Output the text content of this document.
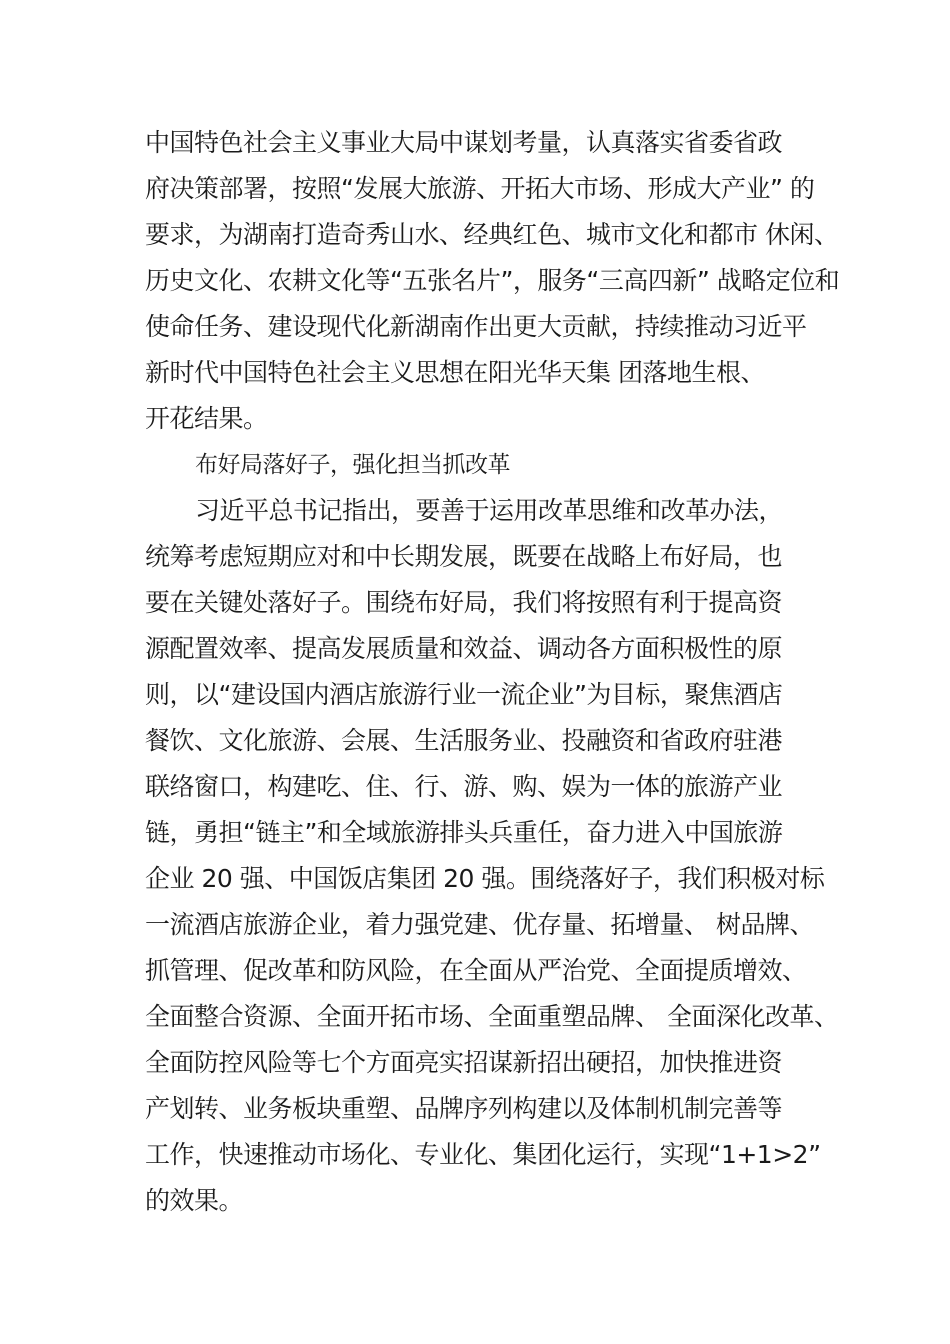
中国特色社会主义事业大局中谋划考量，认真落实省委省政
府决策部署，按照“发展大旅游、开拓大市场、形成大产业” 的
要求，为湖南打造奇秀山水、经典红色、城市文化和都市 休闲、
历史文化、农耕文化等“五张名片”，服务“三高四新” 战略定位和
使命任务、建设现代化新湖南作出更大贡献，持续推动习近平
新时代中国特色社会主义思想在阳光华天集 团落地生根、
开花结果。
布好局落好子，强化担当抓改革
习近平总书记指出，要善于运用改革思维和改革办法，
统筹考虑短期应对和中长期发展，既要在战略上布好局，也
要在关键处落好子。围绕布好局，我们将按照有利于提高资
源配置效率、提高发展质量和效益、调动各方面积极性的原
则，以“建设国内酒店旅游行业一流企业”为目标，聚焦酒店
餐饮、文化旅游、会展、生活服务业、投融资和省政府驻港
联络窗口，构建吃、住、行、游、购、娱为一体的旅游产业
链，勇担“链主”和全域旅游排头兵重任，奋力进入中国旅游
企业 20 强、中国饭店集团 20 强。围绕落好子，我们积极对标
一流酒店旅游企业，着力强党建、优存量、拓增量、 树品牌、
抓管理、促改革和防风险，在全面从严治党、全面提质增效、
全面整合资源、全面开拓市场、全面重塑品牌、 全面深化改革、
全面防控风险等七个方面亮实招谋新招出硬招，加快推进资
产划转、业务板块重塑、品牌序列构建以及体制机制完善等
工作，快速推动市场化、专业化、集团化运行，实现“1+1>2”
的效果。
